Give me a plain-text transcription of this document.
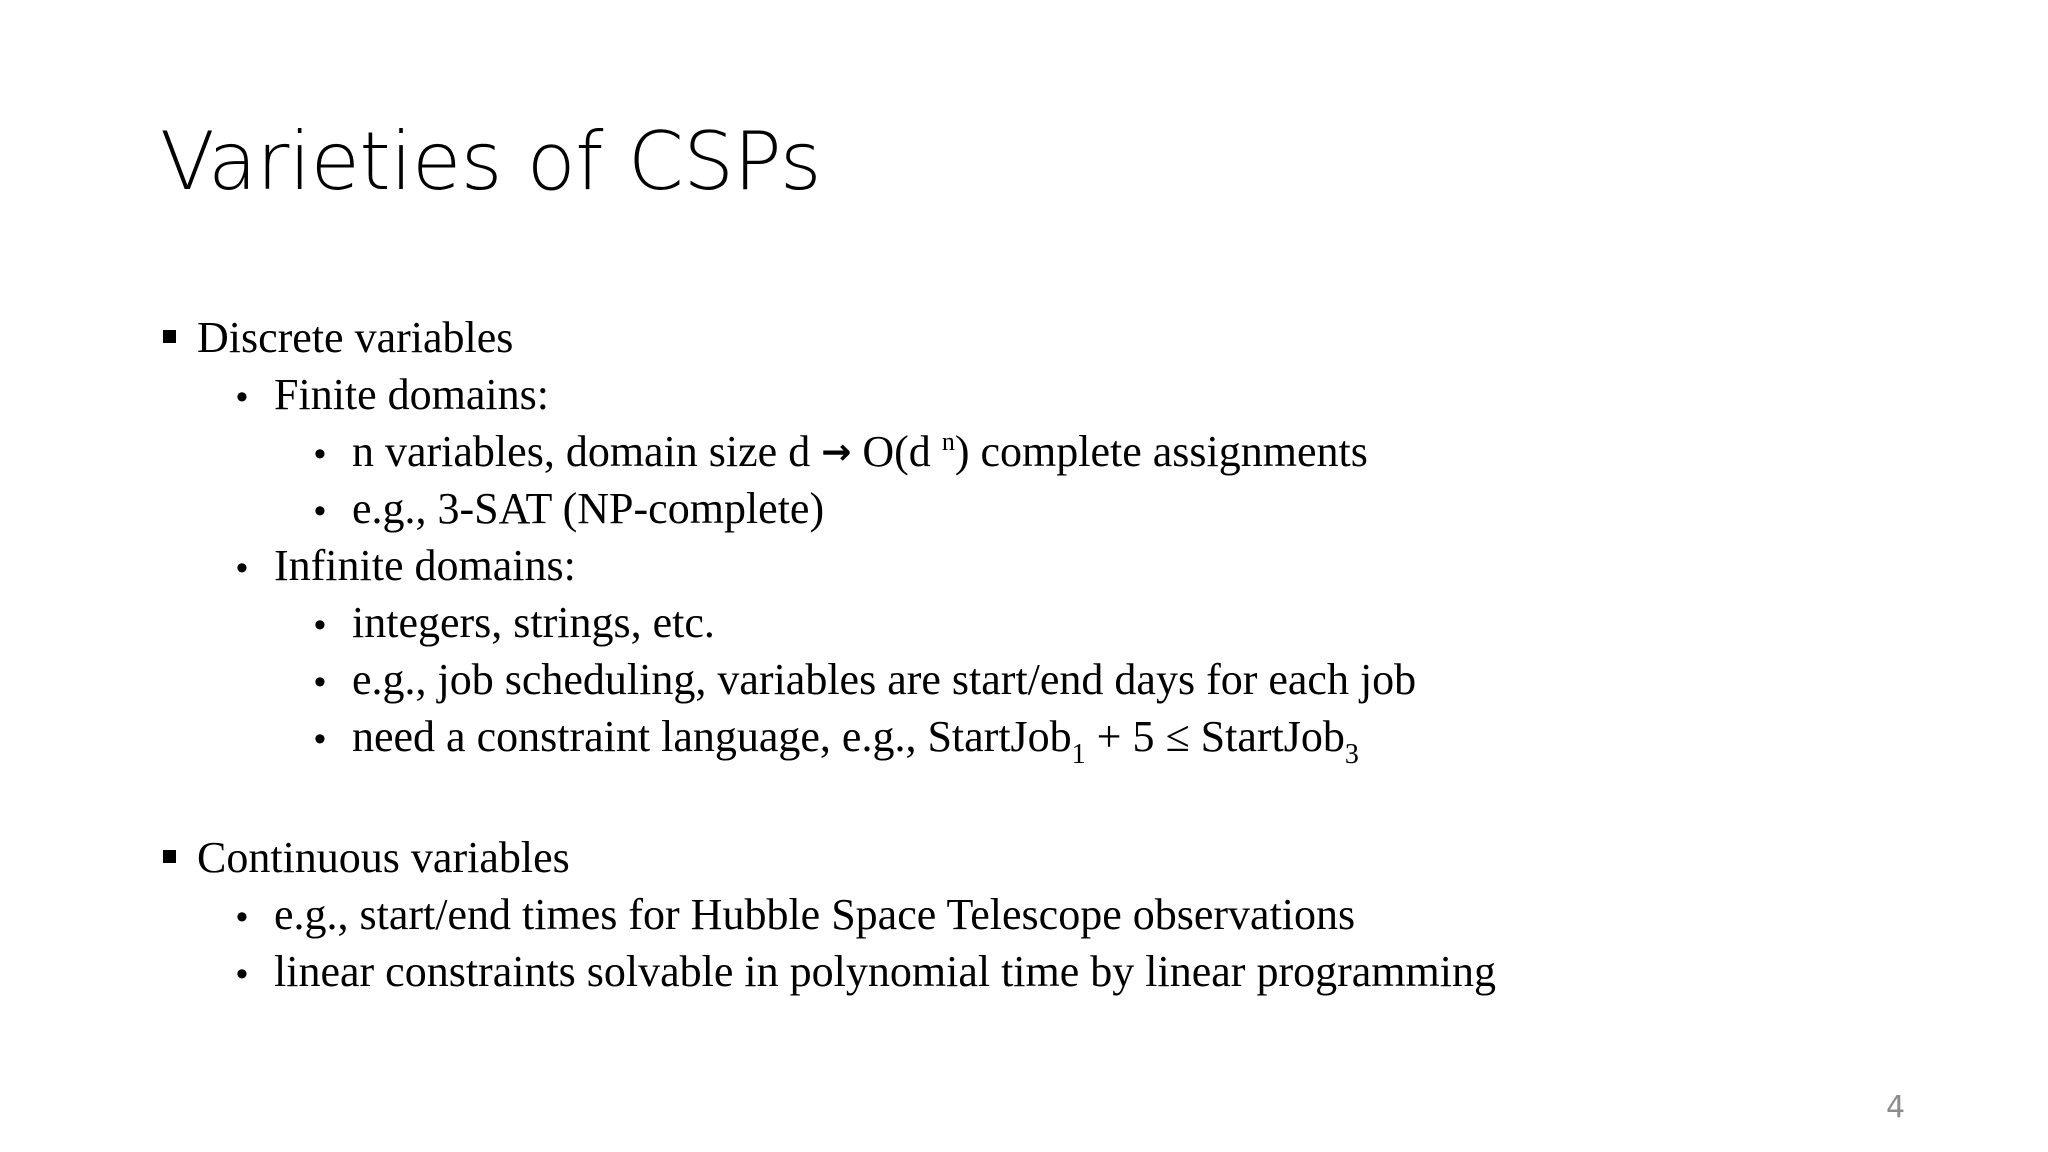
Varieties of CSPs
Discrete variables
• Finite domains:
• n variables, domain size d → O(d $^n$) complete assignments
• e.g., 3-SAT (NP-complete)
• Infinite domains:
• integers, strings, etc.
• e.g., job scheduling, variables are start/end days for each job
• need a constraint language, e.g., StartJob$_1$ + 5 ≤ StartJob$_3$
Continuous variables
• e.g., start/end times for Hubble Space Telescope observations
• linear constraints solvable in polynomial time by linear programming
4
